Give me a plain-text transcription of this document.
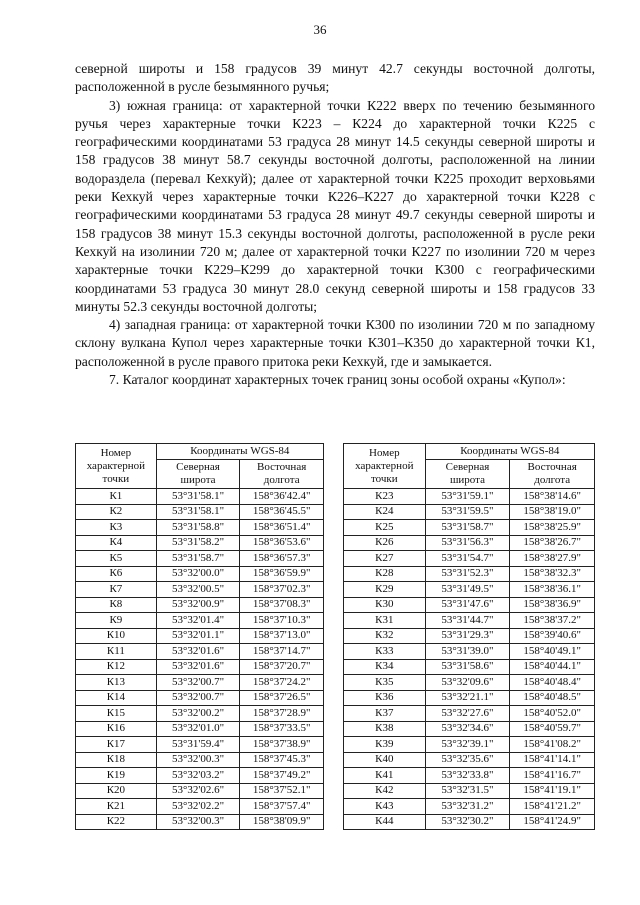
36

северной широты и 158 градусов 39 минут 42.7 секунды восточной долготы, расположенной в русле безымянного ручья;

3) южная граница: от характерной точки К222 вверх по течению безымянного ручья через характерные точки К223 – К224 до характерной точки К225 с географическими координатами 53 градуса 28 минут 14.5 секунды северной широты и 158 градусов 38 минут 58.7 секунды восточной долготы, расположенной на линии водораздела (перевал Кехкуй); далее от характерной точки К225 проходит верховьями реки Кехкуй через характерные точки К226–К227 до характерной точки К228 с географическими координатами 53 градуса 28 минут 49.7 секунды северной широты и 158 градусов 38 минут 15.3 секунды восточной долготы, расположенной в русле реки Кехкуй на изолинии 720 м; далее от характерной точки К227 по изолинии 720 м через характерные точки К229–К299 до характерной точки К300 с географическими координатами 53 градуса 30 минут 28.0 секунд северной широты и 158 градусов 33 минуты 52.3 секунды восточной долготы;

4) западная граница: от характерной точки К300 по изолинии 720 м по западному склону вулкана Купол через характерные точки К301–К350 до характерной точки К1, расположенной в русле правого притока реки Кехкуй, где и замыкается.

7. Каталог координат характерных точек границ зоны особой охраны «Купол»:

Номер характерной точки	Координаты WGS-84	
	Северная широта	Восточная долгота
К1	53°31'58.1"	158°36'42.4"
К2	53°31'58.1"	158°36'45.5"
К3	53°31'58.8"	158°36'51.4"
К4	53°31'58.2"	158°36'53.6"
К5	53°31'58.7"	158°36'57.3"
К6	53°32'00.0"	158°36'59.9"
К7	53°32'00.5"	158°37'02.3"
К8	53°32'00.9"	158°37'08.3"
К9	53°32'01.4"	158°37'10.3"
К10	53°32'01.1"	158°37'13.0"
К11	53°32'01.6"	158°37'14.7"
К12	53°32'01.6"	158°37'20.7"
К13	53°32'00.7"	158°37'24.2"
К14	53°32'00.7"	158°37'26.5"
К15	53°32'00.2"	158°37'28.9"
К16	53°32'01.0"	158°37'33.5"
К17	53°31'59.4"	158°37'38.9"
К18	53°32'00.3"	158°37'45.3"
К19	53°32'03.2"	158°37'49.2"
К20	53°32'02.6"	158°37'52.1"
К21	53°32'02.2"	158°37'57.4"
К22	53°32'00.3"	158°38'09.9"
Номер характерной точки	Координаты WGS-84	
	Северная широта	Восточная долгота
К23	53°31'59.1"	158°38'14.6"
К24	53°31'59.5"	158°38'19.0"
К25	53°31'58.7"	158°38'25.9"
К26	53°31'56.3"	158°38'26.7"
К27	53°31'54.7"	158°38'27.9"
К28	53°31'52.3"	158°38'32.3"
К29	53°31'49.5"	158°38'36.1"
К30	53°31'47.6"	158°38'36.9"
К31	53°31'44.7"	158°38'37.2"
К32	53°31'29.3"	158°39'40.6"
К33	53°31'39.0"	158°40'49.1"
К34	53°31'58.6"	158°40'44.1"
К35	53°32'09.6"	158°40'48.4"
К36	53°32'21.1"	158°40'48.5"
К37	53°32'27.6"	158°40'52.0"
К38	53°32'34.6"	158°40'59.7"
К39	53°32'39.1"	158°41'08.2"
К40	53°32'35.6"	158°41'14.1"
К41	53°32'33.8"	158°41'16.7"
К42	53°32'31.5"	158°41'19.1"
К43	53°32'31.2"	158°41'21.2"
К44	53°32'30.2"	158°41'24.9"
